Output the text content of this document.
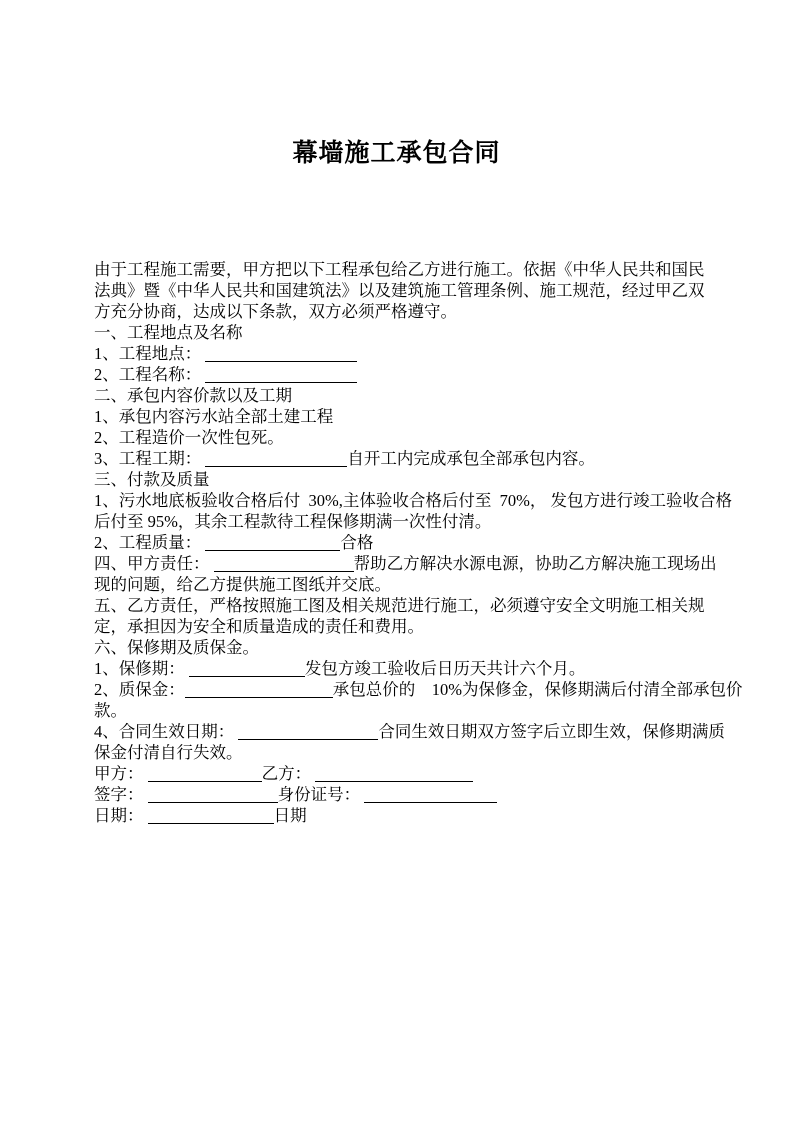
幕墙施工承包合同
由于工程施工需要，甲方把以下工程承包给乙方进行施工。依据《中华人民共和国民
法典》暨《中华人民共和国建筑法》以及建筑施工管理条例、施工规范，经过甲乙双
方充分协商，达成以下条款，双方必须严格遵守。
一、工程地点及名称
1、工程地点：
2、工程名称：
二、承包内容价款以及工期
1、承包内容污水站全部土建工程
2、工程造价一次性包死。
3、工程工期：	自开工内完成承包全部承包内容。
三、付款及质量
1、污水地底板验收合格后付  30%,主体验收合格后付至  70%， 发包方进行竣工验收合格
后付至 95%，其余工程款待工程保修期满一次性付清。
2、工程质量：	合格
四、甲方责任：	帮助乙方解决水源电源，协助乙方解决施工现场出
现的问题，给乙方提供施工图纸并交底。
五、乙方责任，严格按照施工图及相关规范进行施工，必须遵守安全文明施工相关规
定，承担因为安全和质量造成的责任和费用。
六、保修期及质保金。
1、保修期：	发包方竣工验收后日历天共计六个月。
2、质保金：	承包总价的    10%为保修金，保修期满后付清全部承包价
款。
4、合同生效日期：	合同生效日期双方签字后立即生效，保修期满质
保金付清自行失效。
甲方：	乙方：
签字：	身份证号：
日期：	日期
